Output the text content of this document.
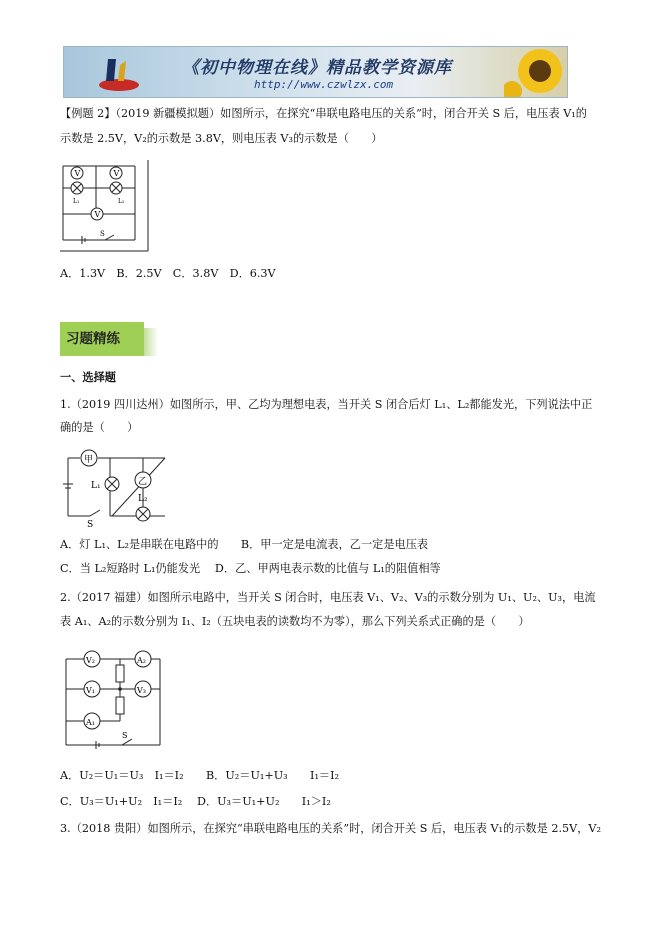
《初中物理在线》精品教学资源库
http://www.czwlzx.com
【例题 2】（2019 新疆模拟题）如图所示，在探究“串联电路电压的关系”时，闭合开关 S 后，电压表 V₁的
示数是 2.5V，V₂的示数是 3.8V，则电压表 V₃的示数是（　　）
V	V
V
L₁	L₂
S
A．1.3V　B．2.5V　C．3.8V　D．6.3V
习题精练
一、选择题
1.（2019 四川达州）如图所示，甲、乙均为理想电表，当开关 S 闭合后灯 L₁、L₂都能发光，下列说法中正
确的是（　　）
甲
乙
L₁
L₂
S
A．灯 L₁、L₂是串联在电路中的　　B．甲一定是电流表，乙一定是电压表
C．当 L₂短路时 L₁仍能发光　 D．乙、甲两电表示数的比值与 L₁的阻值相等
2.（2017 福建）如图所示电路中，当开关 S 闭合时，电压表 V₁、V₂、V₃的示数分别为 U₁、U₂、U₃，电流
表 A₁、A₂的示数分别为 I₁、I₂（五块电表的读数均不为零），那么下列关系式正确的是（　　）
V₂	A₂
V₁	V₃
A₁
S
A．U₂＝U₁＝U₃　I₁＝I₂　　B．U₂＝U₁+U₃　　I₁＝I₂
C．U₃＝U₁+U₂　I₁＝I₂　 D．U₃＝U₁+U₂　　I₁＞I₂
3.（2018 贵阳）如图所示，在探究“串联电路电压的关系”时，闭合开关 S 后，电压表 V₁的示数是 2.5V，V₂
